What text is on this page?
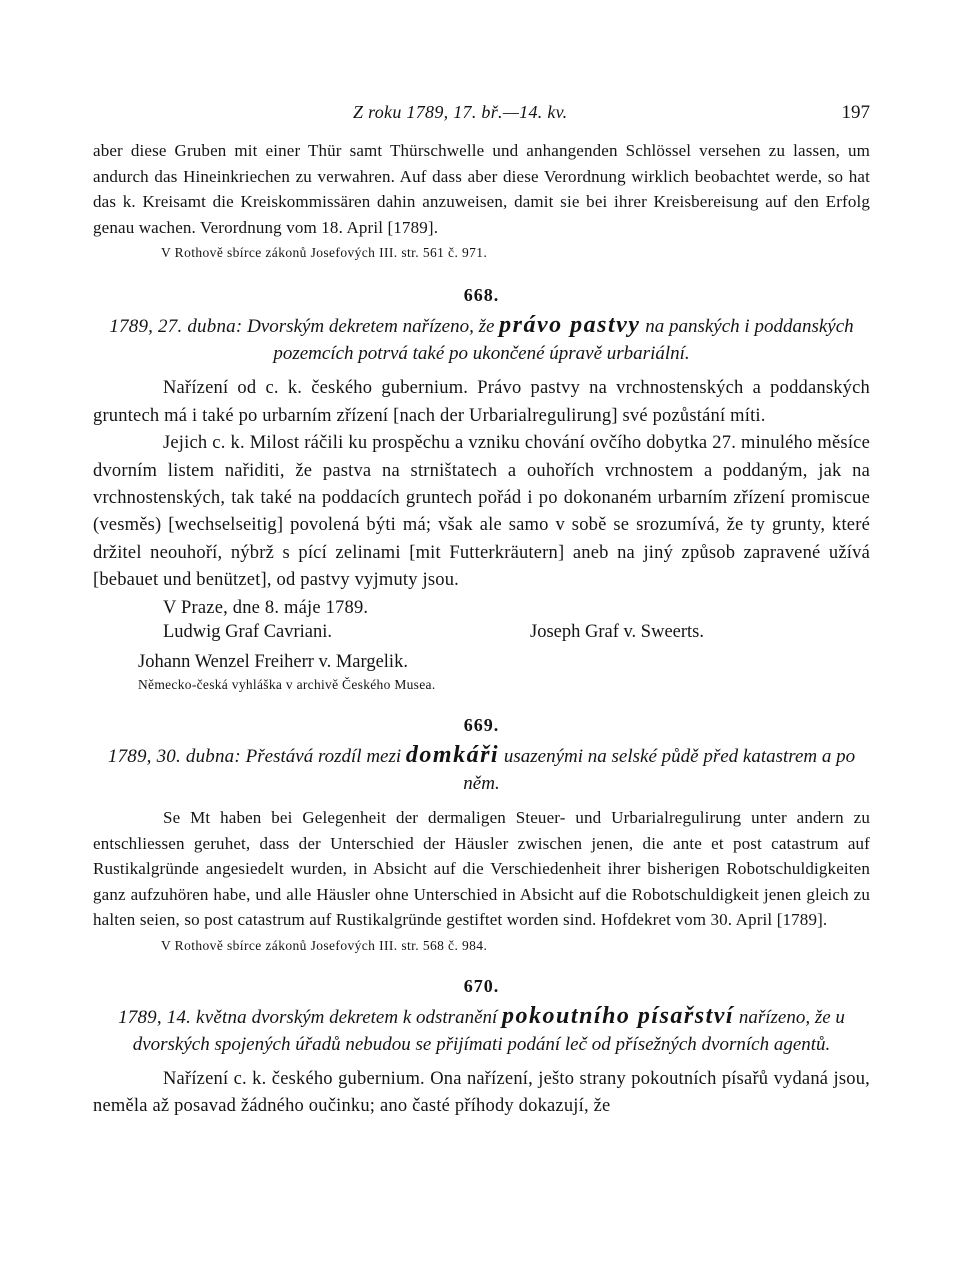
Z roku 1789, 17. bř.—14. kv.	197

aber diese Gruben mit einer Thür samt Thürschwelle und anhangenden Schlössel versehen zu lassen, um andurch das Hineinkriechen zu verwahren. Auf dass aber diese Verordnung wirklich beobachtet werde, so hat das k. Kreisamt die Kreiskommissären dahin anzuweisen, damit sie bei ihrer Kreisbereisung auf den Erfolg genau wachen. Verordnung vom 18. April [1789].

V Rothově sbírce zákonů Josefových III. str. 561 č. 971.
668.
1789, 27. dubna: Dvorským dekretem nařízeno, že právo pastvy na panských i poddanských pozemcích potrvá také po ukončené úpravě urbariální.

Nařízení od c. k. českého gubernium. Právo pastvy na vrchnostenských a poddanských gruntech má i také po urbarním zřízení [nach der Urbarialregulirung] své pozůstání míti.

Jejich c. k. Milost ráčili ku prospěchu a vzniku chování ovčího dobytka 27. minulého měsíce dvorním listem nařiditi, že pastva na strništatech a ouhořích vrchnostem a poddaným, jak na vrchnostenských, tak také na poddacích gruntech pořád i po dokonaném urbarním zřízení promiscue (vesměs) [wechselseitig] povolená býti má; však ale samo v sobě se srozumívá, že ty grunty, které držitel neouhoří, nýbrž s pící zelinami [mit Futterkräutern] aneb na jiný způsob zapravené užívá [bebauet und benützet], od pastvy vyjmuty jsou.

V Praze, dne 8. máje 1789.
Ludwig Graf Cavriani.	Joseph Graf v. Sweerts.
Johann Wenzel Freiherr v. Margelik.
Německo-česká vyhláška v archivě Českého Musea.
669.
1789, 30. dubna: Přestává rozdíl mezi domkáři usazenými na selské půdě před katastrem a po něm.

Se Mt haben bei Gelegenheit der dermaligen Steuer- und Urbarialregulirung unter andern zu entschliessen geruhet, dass der Unterschied der Häusler zwischen jenen, die ante et post catastrum auf Rustikalgründe angesiedelt wurden, in Absicht auf die Verschiedenheit ihrer bisherigen Robotschuldigkeiten ganz aufzuhören habe, und alle Häusler ohne Unterschied in Absicht auf die Robotschuldigkeit jenen gleich zu halten seien, so post catastrum auf Rustikalgründe gestiftet worden sind. Hofdekret vom 30. April [1789].

V Rothově sbírce zákonů Josefových III. str. 568 č. 984.
670.
1789, 14. května dvorským dekretem k odstranění pokoutního písařství nařízeno, že u dvorských spojených úřadů nebudou se přijímati podání leč od přísežných dvorních agentů.

Nařízení c. k. českého gubernium. Ona nařízení, ješto strany pokoutních písařů vydaná jsou, neměla až posavad žádného oučinku; ano časté příhody dokazují, že
